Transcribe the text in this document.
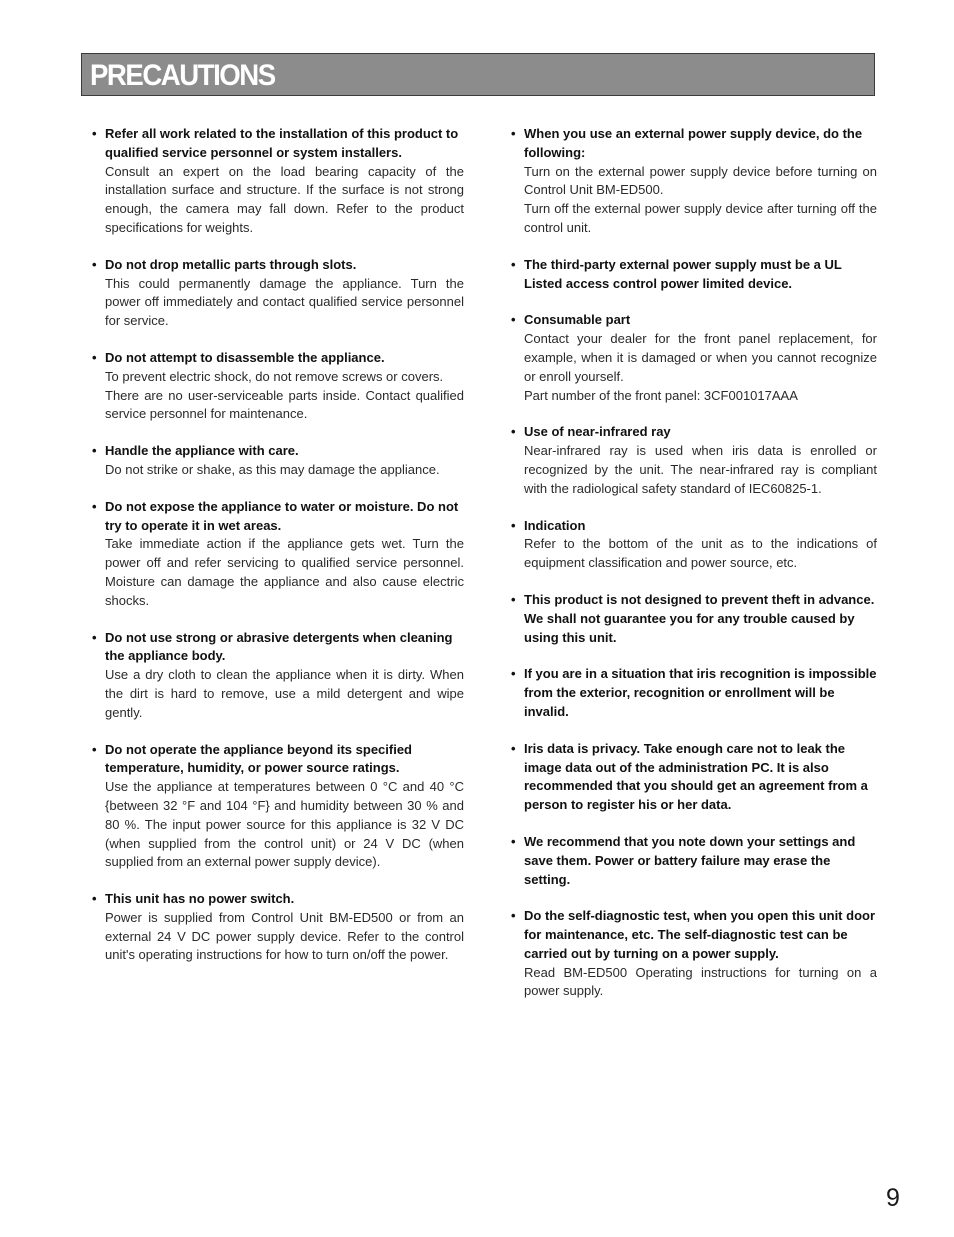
PRECAUTIONS
• Refer all work related to the installation of this product to qualified service personnel or system installers.

Consult an expert on the load bearing capacity of the installation surface and structure. If the surface is not strong enough, the camera may fall down. Refer to the product specifications for weights.

• Do not drop metallic parts through slots.

This could permanently damage the appliance. Turn the power off immediately and contact qualified service personnel for service.

• Do not attempt to disassemble the appliance.

To prevent electric shock, do not remove screws or covers.

There are no user-serviceable parts inside. Contact qualified service personnel for maintenance.

• Handle the appliance with care.

Do not strike or shake, as this may damage the appliance.

• Do not expose the appliance to water or moisture. Do not try to operate it in wet areas.

Take immediate action if the appliance gets wet. Turn the power off and refer servicing to qualified service personnel. Moisture can damage the appliance and also cause electric shocks.

• Do not use strong or abrasive detergents when cleaning the appliance body.

Use a dry cloth to clean the appliance when it is dirty. When the dirt is hard to remove, use a mild detergent and wipe gently.

• Do not operate the appliance beyond its specified temperature, humidity, or power source ratings.

Use the appliance at temperatures between 0 °C and 40 °C {between 32 °F and 104 °F} and humidity between 30 % and 80 %. The input power source for this appliance is 32 V DC (when supplied from the control unit) or 24 V DC (when supplied from an external power supply device).

• This unit has no power switch.

Power is supplied from Control Unit BM-ED500 or from an external 24 V DC power supply device. Refer to the control unit's operating instructions for how to turn on/off the power.

• When you use an external power supply device, do the following:

Turn on the external power supply device before turning on Control Unit BM-ED500.

Turn off the external power supply device after turning off the control unit.

• The third-party external power supply must be a UL Listed access control power limited device.
• Consumable part

Contact your dealer for the front panel replacement, for example, when it is damaged or when you cannot recognize or enroll yourself.

Part number of the front panel: 3CF001017AAA

• Use of near-infrared ray

Near-infrared ray is used when iris data is enrolled or recognized by the unit. The near-infrared ray is compliant with the radiological safety standard of IEC60825-1.

• Indication

Refer to the bottom of the unit as to the indications of equipment classification and power source, etc.

• This product is not designed to prevent theft in advance. We shall not guarantee you for any trouble caused by using this unit.
• If you are in a situation that iris recognition is impossible from the exterior, recognition or enrollment will be invalid.
• Iris data is privacy. Take enough care not to leak the image data out of the administration PC. It is also recommended that you should get an agreement from a person to register his or her data.
• We recommend that you note down your settings and save them. Power or battery failure may erase the setting.
• Do the self-diagnostic test, when you open this unit door for maintenance, etc. The self-diagnostic test can be carried out by turning on a power supply.

Read BM-ED500 Operating instructions for turning on a power supply.

9
